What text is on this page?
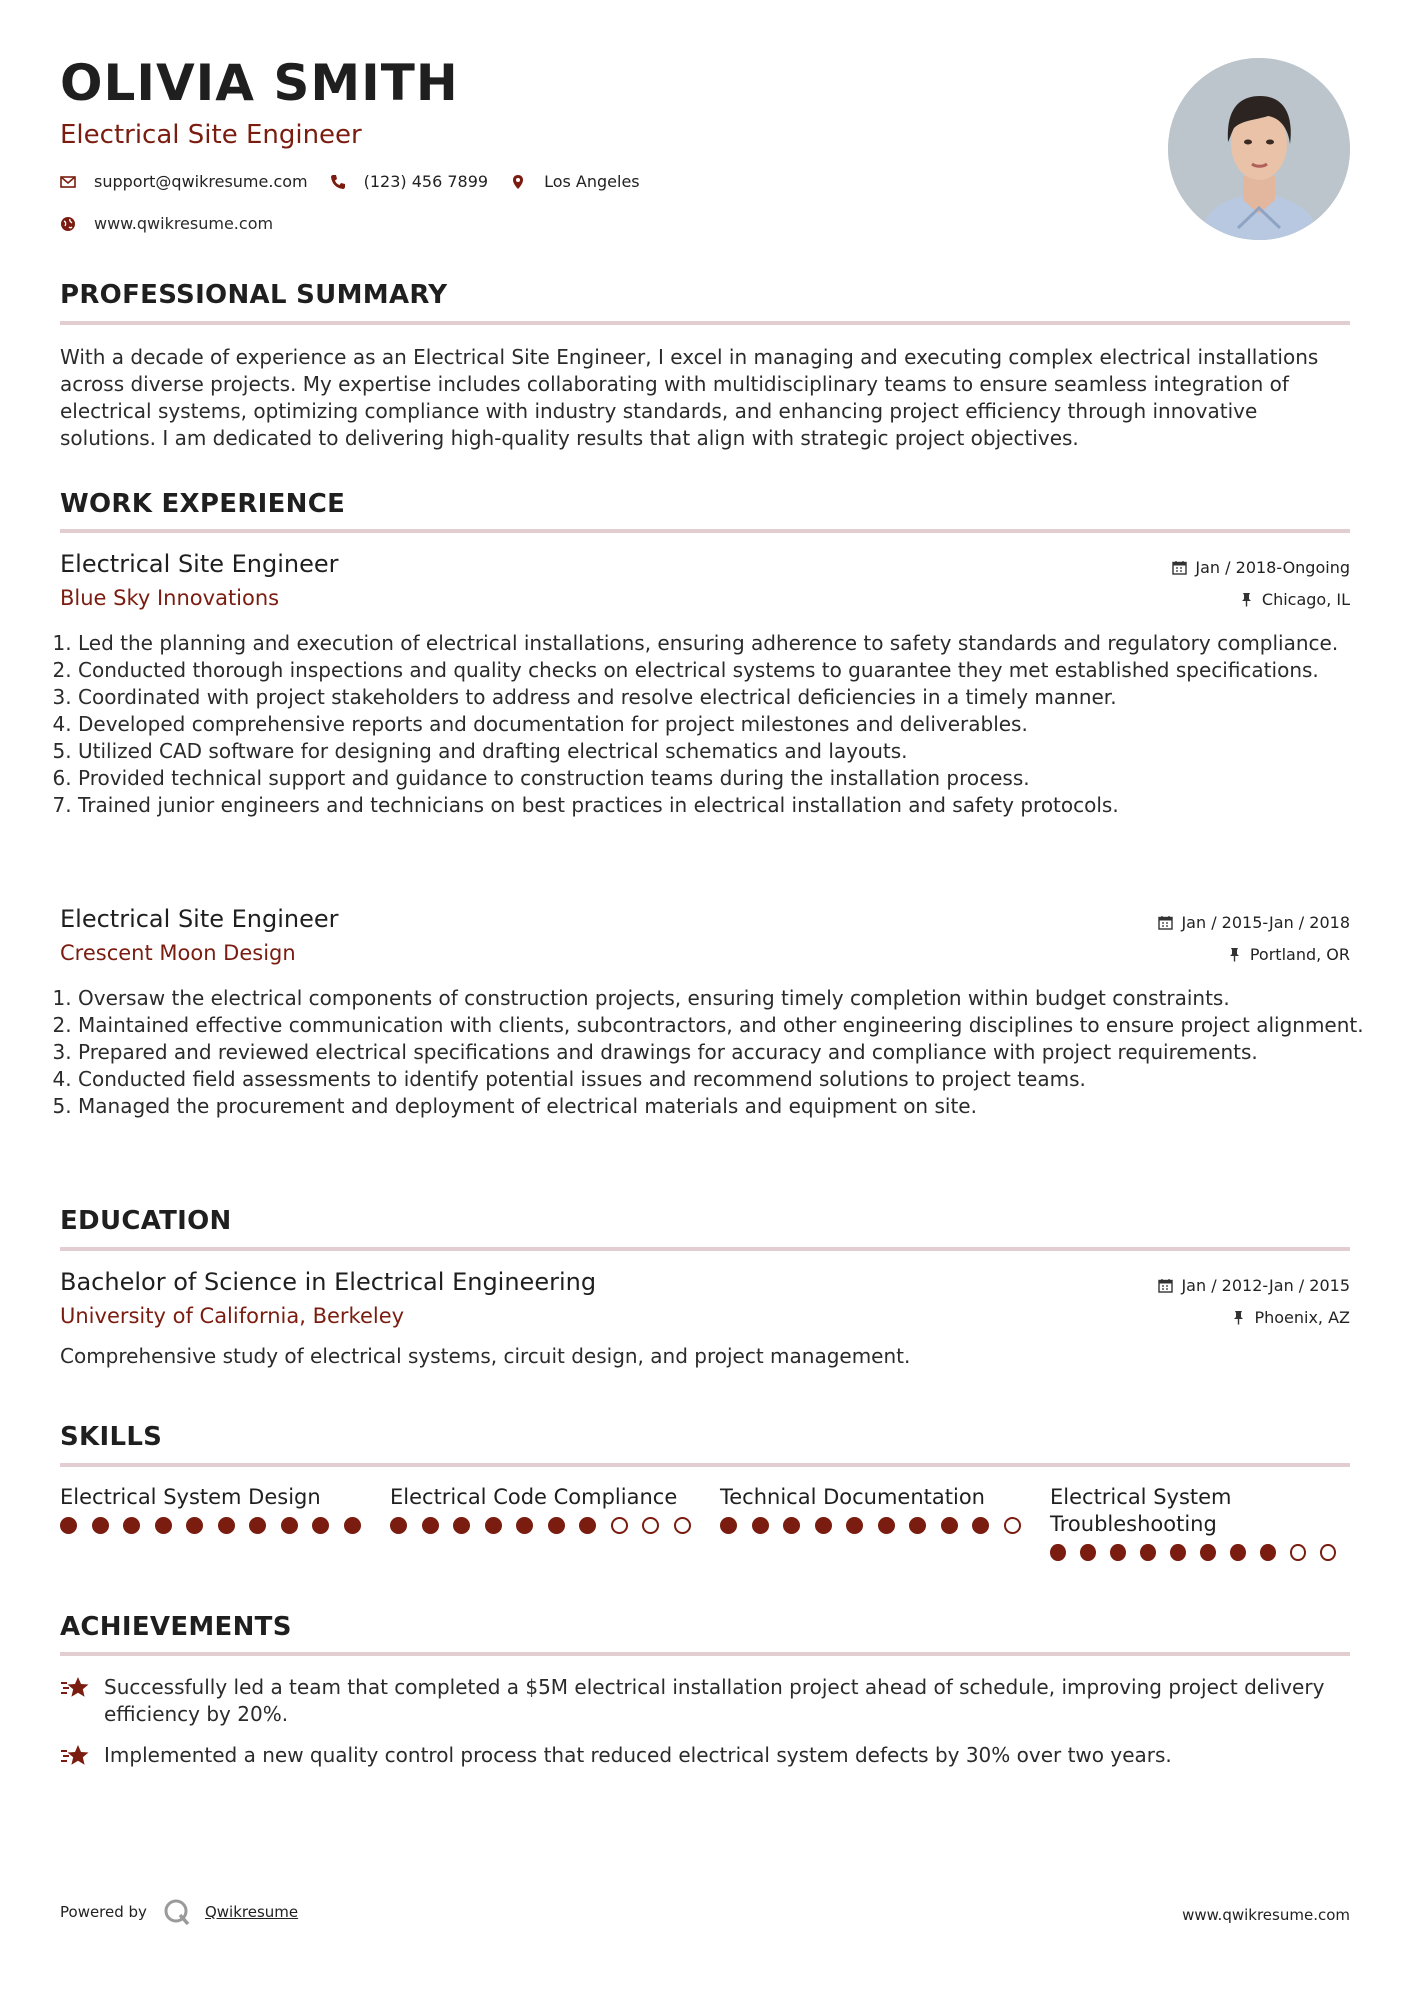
OLIVIA SMITH
Electrical Site Engineer
support@qwikresume.com	(123) 456 7899	Los Angeles
www.qwikresume.com
PROFESSIONAL SUMMARY
With a decade of experience as an Electrical Site Engineer, I excel in managing and executing complex electrical installations across diverse projects. My expertise includes collaborating with multidisciplinary teams to ensure seamless integration of electrical systems, optimizing compliance with industry standards, and enhancing project efficiency through innovative solutions. I am dedicated to delivering high-quality results that align with strategic project objectives.
WORK EXPERIENCE
Electrical Site Engineer
Blue Sky Innovations
Jan / 2018-Ongoing
Chicago, IL
1. Led the planning and execution of electrical installations, ensuring adherence to safety standards and regulatory compliance.
2. Conducted thorough inspections and quality checks on electrical systems to guarantee they met established specifications.
3. Coordinated with project stakeholders to address and resolve electrical deficiencies in a timely manner.
4. Developed comprehensive reports and documentation for project milestones and deliverables.
5. Utilized CAD software for designing and drafting electrical schematics and layouts.
6. Provided technical support and guidance to construction teams during the installation process.
7. Trained junior engineers and technicians on best practices in electrical installation and safety protocols.
Electrical Site Engineer
Crescent Moon Design
Jan / 2015-Jan / 2018
Portland, OR
1. Oversaw the electrical components of construction projects, ensuring timely completion within budget constraints.
2. Maintained effective communication with clients, subcontractors, and other engineering disciplines to ensure project alignment.
3. Prepared and reviewed electrical specifications and drawings for accuracy and compliance with project requirements.
4. Conducted field assessments to identify potential issues and recommend solutions to project teams.
5. Managed the procurement and deployment of electrical materials and equipment on site.
EDUCATION
Bachelor of Science in Electrical Engineering
University of California, Berkeley
Jan / 2012-Jan / 2015
Phoenix, AZ
Comprehensive study of electrical systems, circuit design, and project management.
SKILLS
Electrical System Design	Electrical Code Compliance	Technical Documentation	Electrical System Troubleshooting
ACHIEVEMENTS
Successfully led a team that completed a $5M electrical installation project ahead of schedule, improving project delivery efficiency by 20%.
Implemented a new quality control process that reduced electrical system defects by 30% over two years.
Powered by	Qwikresume	www.qwikresume.com
